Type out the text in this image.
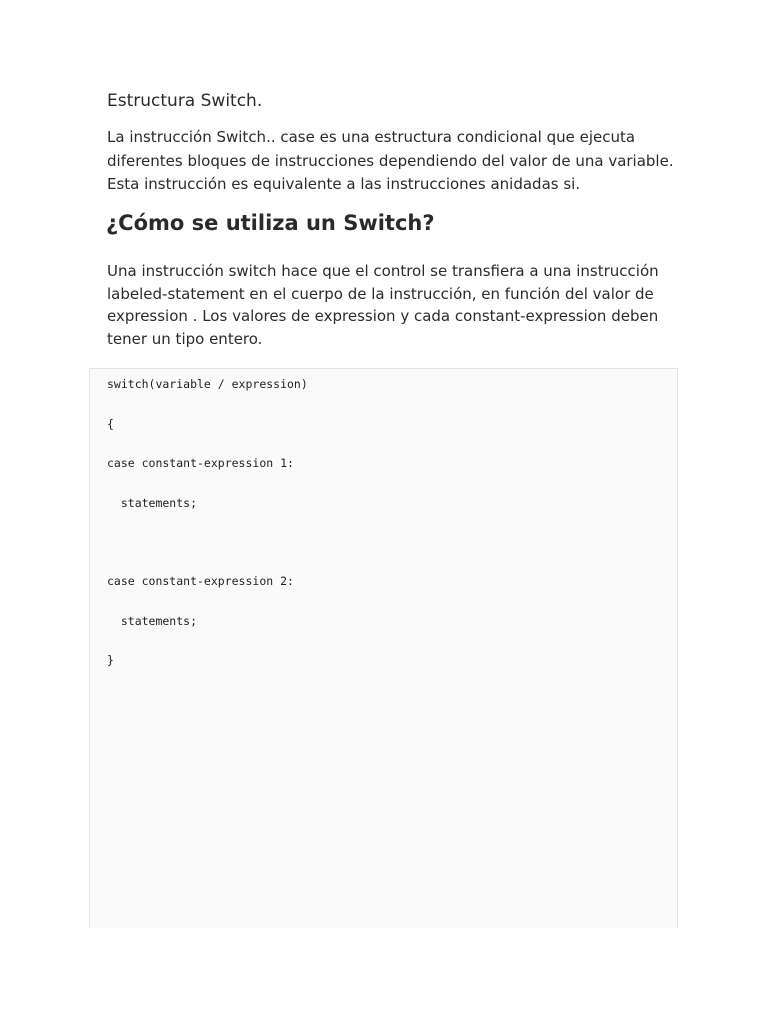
Estructura Switch.

La instrucción Switch.. case es una estructura condicional que ejecuta
diferentes bloques de instrucciones dependiendo del valor de una variable.
Esta instrucción es equivalente a las instrucciones anidadas si.

¿Cómo se utiliza un Switch?

Una instrucción switch hace que el control se transfiera a una instrucción
labeled-statement en el cuerpo de la instrucción, en función del valor de
expression . Los valores de expression y cada constant-expression deben
tener un tipo entero.

switch(variable / expression)
{
case constant-expression 1:
statements;
case constant-expression 2:
statements;
}
